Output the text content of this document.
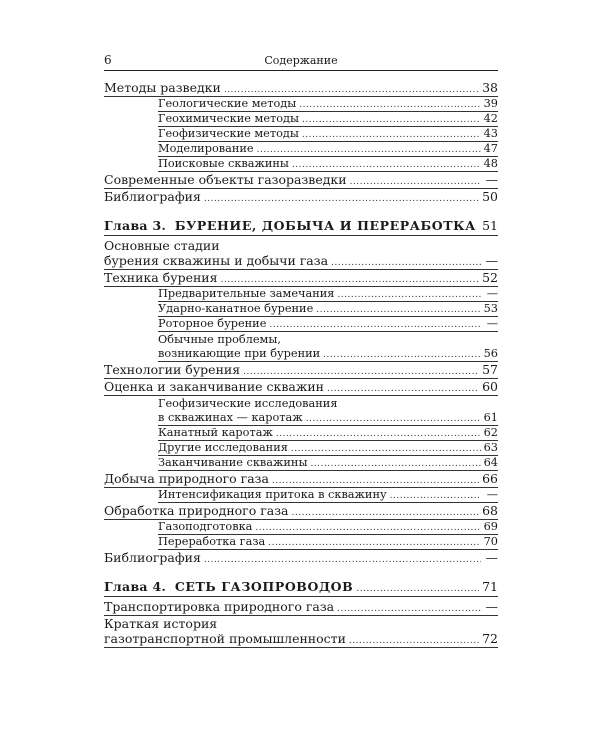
6	Содержание
Методы разведки .....	38
Геологические методы .....	39
Геохимические методы .....	42
Геофизические методы .....	43
Моделирование .....	47
Поисковые скважины .....	48
Современные объекты газоразведки .....	—
Библиография .....	50
Глава 3. БУРЕНИЕ, ДОБЫЧА И ПЕРЕРАБОТКА ..... 51
Основные стадии
бурения скважины и добычи газа .....	—
Техника бурения .....	52
Предварительные замечания .....	—
Ударно-канатное бурение .....	53
Роторное бурение .....	—
Обычные проблемы,
возникающие при бурении .....	56
Технологии бурения .....	57
Оценка и заканчивание скважин .....	60
Геофизические исследования
в скважинах — каротаж .....	61
Канатный каротаж .....	62
Другие исследования .....	63
Заканчивание скважины .....	64
Добыча природного газа .....	66
Интенсификация притока в скважину .....	—
Обработка природного газа .....	68
Газоподготовка .....	69
Переработка газа .....	70
Библиография .....	—
Глава 4. СЕТЬ ГАЗОПРОВОДОВ .....	71
Транспортировка природного газа .....	—
Краткая история
газотранспортной промышленности .....	72
